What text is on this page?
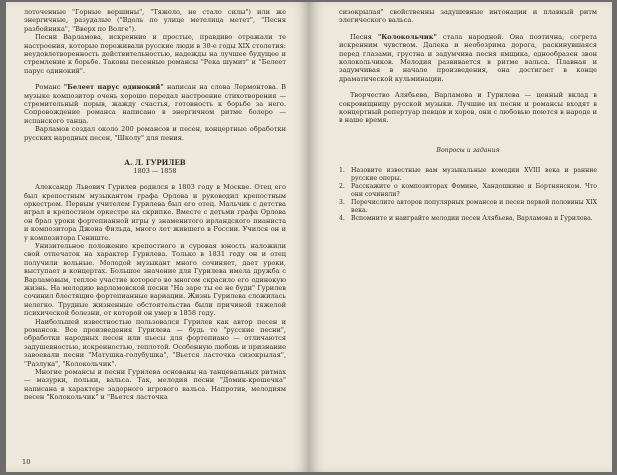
лоточенные "Горные вершины", "Тяжело, не стало силы") или же энергичные, разудалые ("Вдоль по улице метелица метет", "Песня разбойника", "Вверх по Волге").

Песни Варламова, искренние и простые, правдиво отражали те настроения, которые переживали русские люди в 30-е годы XIX столетия: неудовлетворенность действительностью, надежды на лучшее будущее и стремление к борьбе. Таковы песенные романсы "Река шумит" и "Белеет парус одинокий".

Романс "Белеет парус одинокий" написан на слова Лермонтова. В музыке композитор очень хорошо передал настроение стихотворения — стремительный порыв, жажду счастья, готовность к борьбе за него. Сопровождение романса написано в энергичном ритме болеро — испанского танца.

Варламов создал около 200 романсов и песен, концертные обработки русских народных песен, "Школу" для пения.

А. Л. ГУРИЛЕВ
1803 — 1858

Александр Львович Гурилев родился в 1803 году в Москве. Отец его был крепостным музыкантом графа Орлова и руководил крепостным оркестром. Первым учителем Гурилева был его отец. Мальчик с детства играл в крепостном оркестре на скрипке. Вместе с детьми графа Орлова он брал уроки фортепианной игры у знаменитого ирландского пианиста и композитора Джона Фильда, много лет жившего в России. Учился он и у композитора Гениште.

Унизительное положение крепостного и суровая юность наложили свой отпечаток на характер Гурилева. Только в 1831 году он и отец получили вольные. Молодой музыкант много сочиняет, дает уроки, выступает в концертах. Большое значение для Гурилева имела дружба с Варламовым, теплое участие которого во многом скрасило его одинокую жизнь. На мелодию варламовской песни "На заре ты ее не буди" Гурилев сочинил блестящие фортепианные вариации. Жизнь Гурилева сложилась нелегко. Трудные жизненные обстоятельства были причиной тяжелой психической болезни, от которой он умер в 1858 году.

Наибольшей известностью пользовался Гурилев как автор песен и романсов. Все произведения Гурилева — будь то "русские песни", обработки народных песен или пьесы для фортепиано — отличаются задушевностью, искренностью, теплотой. Особенную любовь и признание завоевали песни "Матушка-голубушка", "Вьется ласточка сизокрылая", "Разлука", "Колокольчик".

Многие романсы и песни Гурилева основаны на танцевальных ритмах — мазурки, польки, вальса. Так, мелодия песни "Домик-крошечка" написана в характере задорного игрового вальса. Напротив, мелодиям песен "Колокольчик" и "Вьется ласточка

10

сизокрылая" свойственны задушевные интонации и плавный ритм элегического вальса.

Песня "Колокольчик" стала народной. Она поэтична, согрета искренним чувством. Далека и необозрима дорога, раскинувшаяся перед глазами, грустна и задумчива песня ямщика, однообразен звон колокольчиков. Мелодия развивается в ритме вальса. Плавная и задумчивая в начале произведения, она достигает в конце драматической кульминации.

Творчество Алябьева, Варламова и Гурилева — ценный вклад в сокровищницу русской музыки. Лучшие их песни и романсы входят в концертный репертуар певцов и хоров, они с любовью поются в народе и в наше время.

Вопросы и задания
1. Назовите известные вам музыкальные комедии XVIII века и ранние русские оперы.
2. Расскажите о композиторах Фомине, Хандошкине и Бортнянском. Что они сочиняли?
3. Перечислите авторов популярных романсов и песен первой половины XIX века.
4. Вспомните и наиграйте мелодии песен Алябьева, Варламова и Гурилева.
